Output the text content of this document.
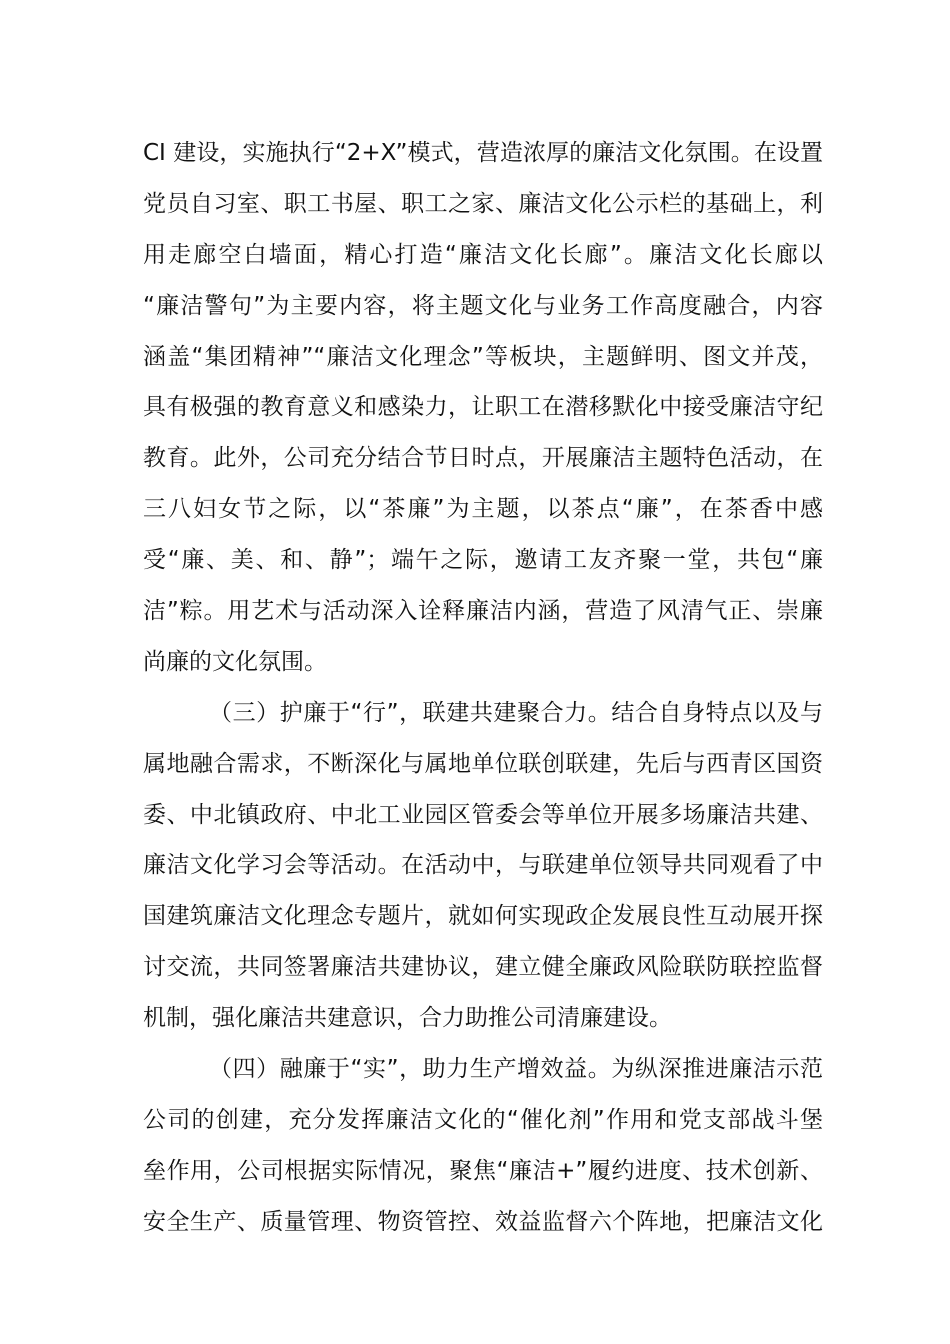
CI 建设，实施执行“2+X”模式，营造浓厚的廉洁文化氛围。在设置
党员自习室、职工书屋、职工之家、廉洁文化公示栏的基础上，利
用走廊空白墙面，精心打造“廉洁文化长廊”。廉洁文化长廊以
“廉洁警句”为主要内容，将主题文化与业务工作高度融合，内容
涵盖“集团精神”“廉洁文化理念”等板块，主题鲜明、图文并茂，
具有极强的教育意义和感染力，让职工在潜移默化中接受廉洁守纪
教育。此外，公司充分结合节日时点，开展廉洁主题特色活动，在
三八妇女节之际，以“茶廉”为主题，以茶点“廉”，在茶香中感
受“廉、美、和、静”；端午之际，邀请工友齐聚一堂，共包“廉
洁”粽。用艺术与活动深入诠释廉洁内涵，营造了风清气正、崇廉
尚廉的文化氛围。
（三）护廉于“行”，联建共建聚合力。结合自身特点以及与
属地融合需求，不断深化与属地单位联创联建，先后与西青区国资
委、中北镇政府、中北工业园区管委会等单位开展多场廉洁共建、
廉洁文化学习会等活动。在活动中，与联建单位领导共同观看了中
国建筑廉洁文化理念专题片，就如何实现政企发展良性互动展开探
讨交流，共同签署廉洁共建协议，建立健全廉政风险联防联控监督
机制，强化廉洁共建意识，合力助推公司清廉建设。
（四）融廉于“实”，助力生产增效益。为纵深推进廉洁示范
公司的创建，充分发挥廉洁文化的“催化剂”作用和党支部战斗堡
垒作用，公司根据实际情况，聚焦“廉洁+”履约进度、技术创新、
安全生产、质量管理、物资管控、效益监督六个阵地，把廉洁文化
